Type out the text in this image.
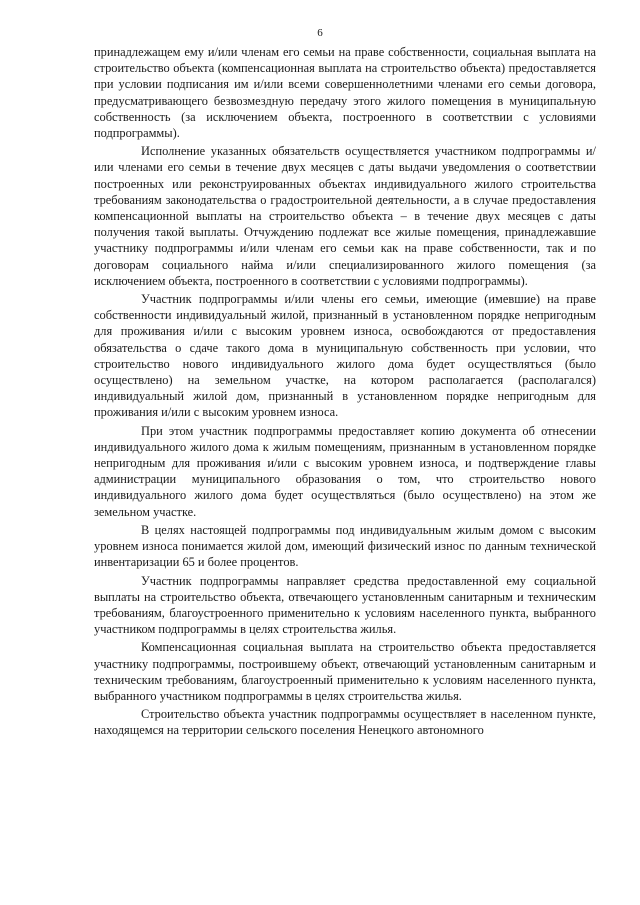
6

принадлежащем ему и/или членам его семьи на праве собственности, социальная выплата на строительство объекта (компенсационная выплата на строительство объекта) предоставляется при условии подписания им и/или всеми совершеннолетними членами его семьи договора, предусматривающего безвозмездную передачу этого жилого помещения в муниципальную собственность (за исключением объекта, построенного в соответствии с условиями подпрограммы).

Исполнение указанных обязательств осуществляется участником подпрограммы и/или членами его семьи в течение двух месяцев с даты выдачи уведомления о соответствии построенных или реконструированных объектах индивидуального жилого строительства требованиям законодательства о градостроительной деятельности, а в случае предоставления компенсационной выплаты на строительство объекта – в течение двух месяцев с даты получения такой выплаты. Отчуждению подлежат все жилые помещения, принадлежавшие участнику подпрограммы и/или членам его семьи как на праве собственности, так и по договорам социального найма и/или специализированного жилого помещения (за исключением объекта, построенного в соответствии с условиями подпрограммы).

Участник подпрограммы и/или члены его семьи, имеющие (имевшие) на праве собственности индивидуальный жилой, признанный в установленном порядке непригодным для проживания и/или с высоким уровнем износа, освобождаются от предоставления обязательства о сдаче такого дома в муниципальную собственность при условии, что строительство нового индивидуального жилого дома будет осуществляться (было осуществлено) на земельном участке, на котором располагается (располагался) индивидуальный жилой дом, признанный в установленном порядке непригодным для проживания и/или с высоким уровнем износа.

При этом участник подпрограммы предоставляет копию документа об отнесении индивидуального жилого дома к жилым помещениям, признанным в установленном порядке непригодным для проживания и/или с высоким уровнем износа, и подтверждение главы администрации муниципального образования о том, что строительство нового индивидуального жилого дома будет осуществляться (было осуществлено) на этом же земельном участке.

В целях настоящей подпрограммы под индивидуальным жилым домом с высоким уровнем износа понимается жилой дом, имеющий физический износ по данным технической инвентаризации 65 и более процентов.

Участник подпрограммы направляет средства предоставленной ему социальной выплаты на строительство объекта, отвечающего установленным санитарным и техническим требованиям, благоустроенного применительно к условиям населенного пункта, выбранного участником подпрограммы в целях строительства жилья.

Компенсационная социальная выплата на строительство объекта предоставляется участнику подпрограммы, построившему объект, отвечающий установленным санитарным и техническим требованиям, благоустроенный применительно к условиям населенного пункта, выбранного участником подпрограммы в целях строительства жилья.

Строительство объекта участник подпрограммы осуществляет в населенном пункте, находящемся на территории сельского поселения Ненецкого автономного
